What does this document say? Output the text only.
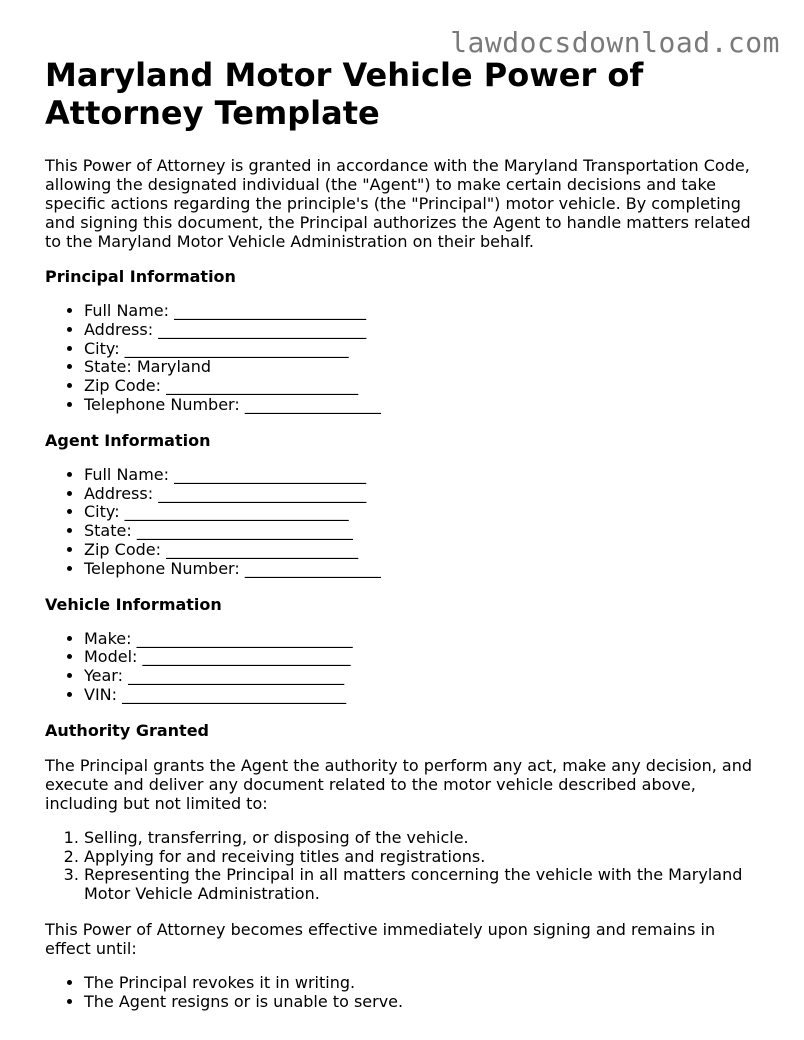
lawdocsdownload.com
Maryland Motor Vehicle Power of Attorney Template

This Power of Attorney is granted in accordance with the Maryland Transportation Code, allowing the designated individual (the "Agent") to make certain decisions and take specific actions regarding the principle's (the "Principal") motor vehicle. By completing and signing this document, the Principal authorizes the Agent to handle matters related to the Maryland Motor Vehicle Administration on their behalf.

Principal Information
• Full Name: ________________________
• Address: __________________________
• City: ____________________________
• State: Maryland
• Zip Code: ________________________
• Telephone Number: _________________
Agent Information
• Full Name: ________________________
• Address: __________________________
• City: ____________________________
• State: ___________________________
• Zip Code: ________________________
• Telephone Number: _________________
Vehicle Information
• Make: ___________________________
• Model: __________________________
• Year: ___________________________
• VIN: ____________________________
Authority Granted

The Principal grants the Agent the authority to perform any act, make any decision, and execute and deliver any document related to the motor vehicle described above, including but not limited to:

1. Selling, transferring, or disposing of the vehicle.
2. Applying for and receiving titles and registrations.
3. Representing the Principal in all matters concerning the vehicle with the Maryland Motor Vehicle Administration.

This Power of Attorney becomes effective immediately upon signing and remains in effect until:

• The Principal revokes it in writing.
• The Agent resigns or is unable to serve.
